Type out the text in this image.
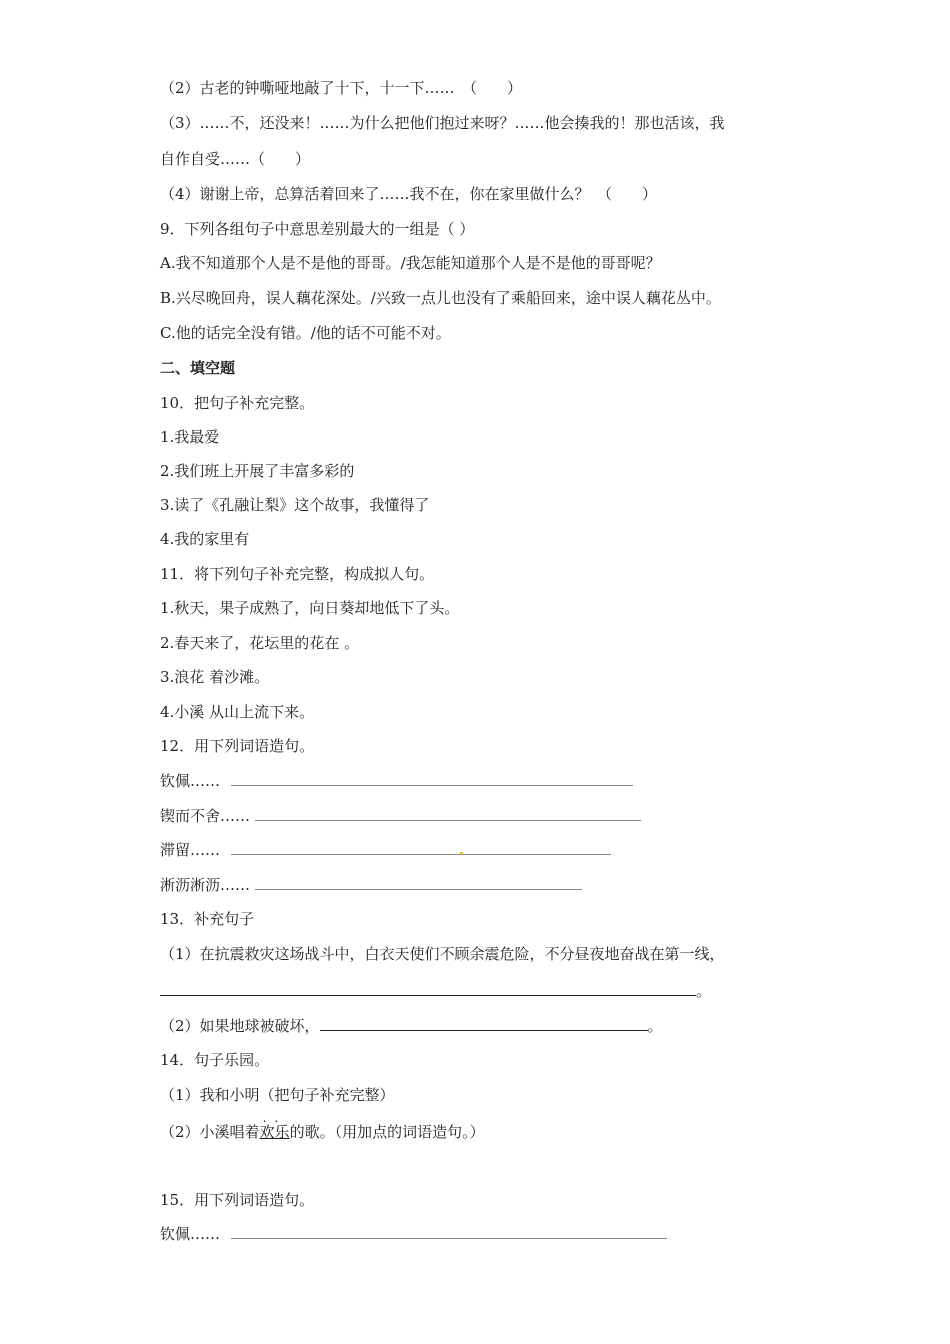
（2）古老的钟嘶哑地敲了十下，十一下……　（　　）
（3）……不，还没来！……为什么把他们抱过来呀？……他会揍我的！那也活该，我
自作自受……（　　）
（4）谢谢上帝，总算活着回来了……我不在，你在家里做什么？　（　　）
9．下列各组句子中意思差别最大的一组是（ ）
A.我不知道那个人是不是他的哥哥。/我怎能知道那个人是不是他的哥哥呢？
B.兴尽晚回舟，误人藕花深处。/兴致一点儿也没有了乘船回来，途中误人藕花丛中。
C.他的话完全没有错。/他的话不可能不对。
二、填空题
10．把句子补充完整。
1.我最爱
2.我们班上开展了丰富多彩的
3.读了《孔融让梨》这个故事，我懂得了
4.我的家里有
11．将下列句子补充完整，构成拟人句。
1.秋天，果子成熟了，向日葵却地低下了头。
2.春天来了，花坛里的花在 。
3.浪花 着沙滩。
4.小溪 从山上流下来。
12．用下列词语造句。
钦佩……
锲而不舍……
滞留……
淅沥淅沥……
13．补充句子
（1）在抗震救灾这场战斗中，白衣天使们不顾余震危险，不分昼夜地奋战在第一线，
。
（2）如果地球被破坏，	。
14．句子乐园。
（1）我和小明（把句子补充完整）
（2）小溪唱着
..
欢乐的歌。（用加点的词语造句。）
15．用下列词语造句。
钦佩……
